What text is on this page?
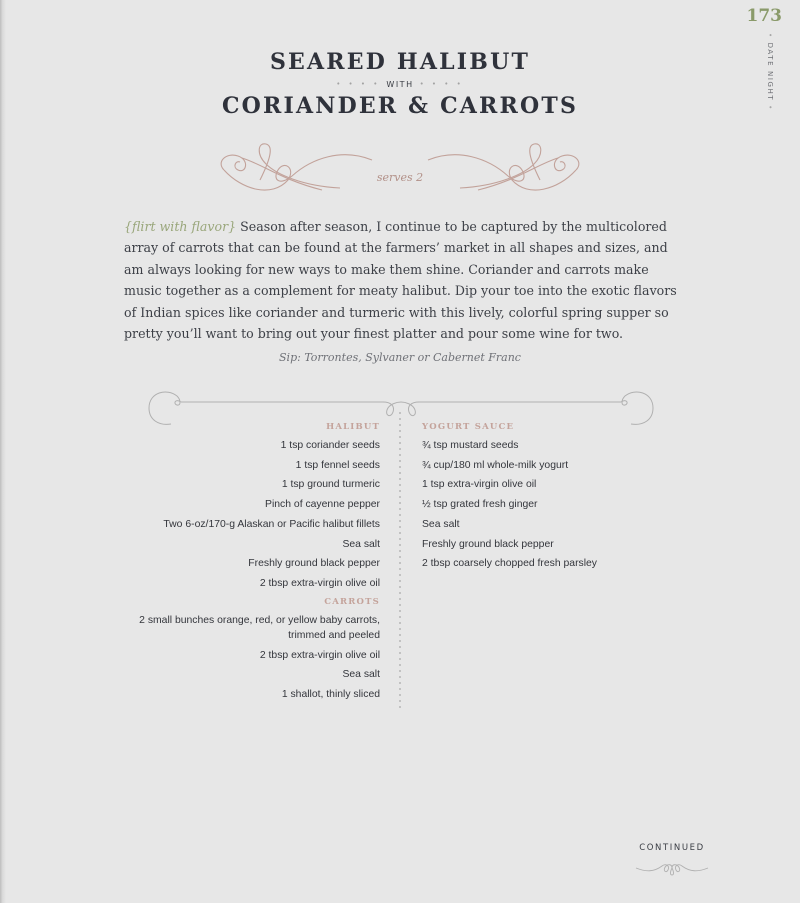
173
• DATE NIGHT •
SEARED HALIBUT
• • • • WITH • • • •
CORIANDER & CARROTS
serves 2

{flirt with flavor} Season after season, I continue to be captured by the multicolored array of carrots that can be found at the farmers’ market in all shapes and sizes, and am always looking for new ways to make them shine. Coriander and carrots make music together as a complement for meaty halibut. Dip your toe into the exotic flavors of Indian spices like coriander and turmeric with this lively, colorful spring supper so pretty you’ll want to bring out your finest platter and pour some wine for two.

Sip: Torrontes, Sylvaner or Cabernet Franc
HALIBUT
1 tsp coriander seeds
1 tsp fennel seeds
1 tsp ground turmeric
Pinch of cayenne pepper
Two 6-oz/170-g Alaskan or Pacific halibut fillets
Sea salt
Freshly ground black pepper
2 tbsp extra-virgin olive oil
CARROTS
2 small bunches orange, red, or yellow baby carrots, trimmed and peeled
2 tbsp extra-virgin olive oil
Sea salt
1 shallot, thinly sliced
YOGURT SAUCE
¾ tsp mustard seeds
¾ cup/180 ml whole-milk yogurt
1 tsp extra-virgin olive oil
½ tsp grated fresh ginger
Sea salt
Freshly ground black pepper
2 tbsp coarsely chopped fresh parsley
CONTINUED
